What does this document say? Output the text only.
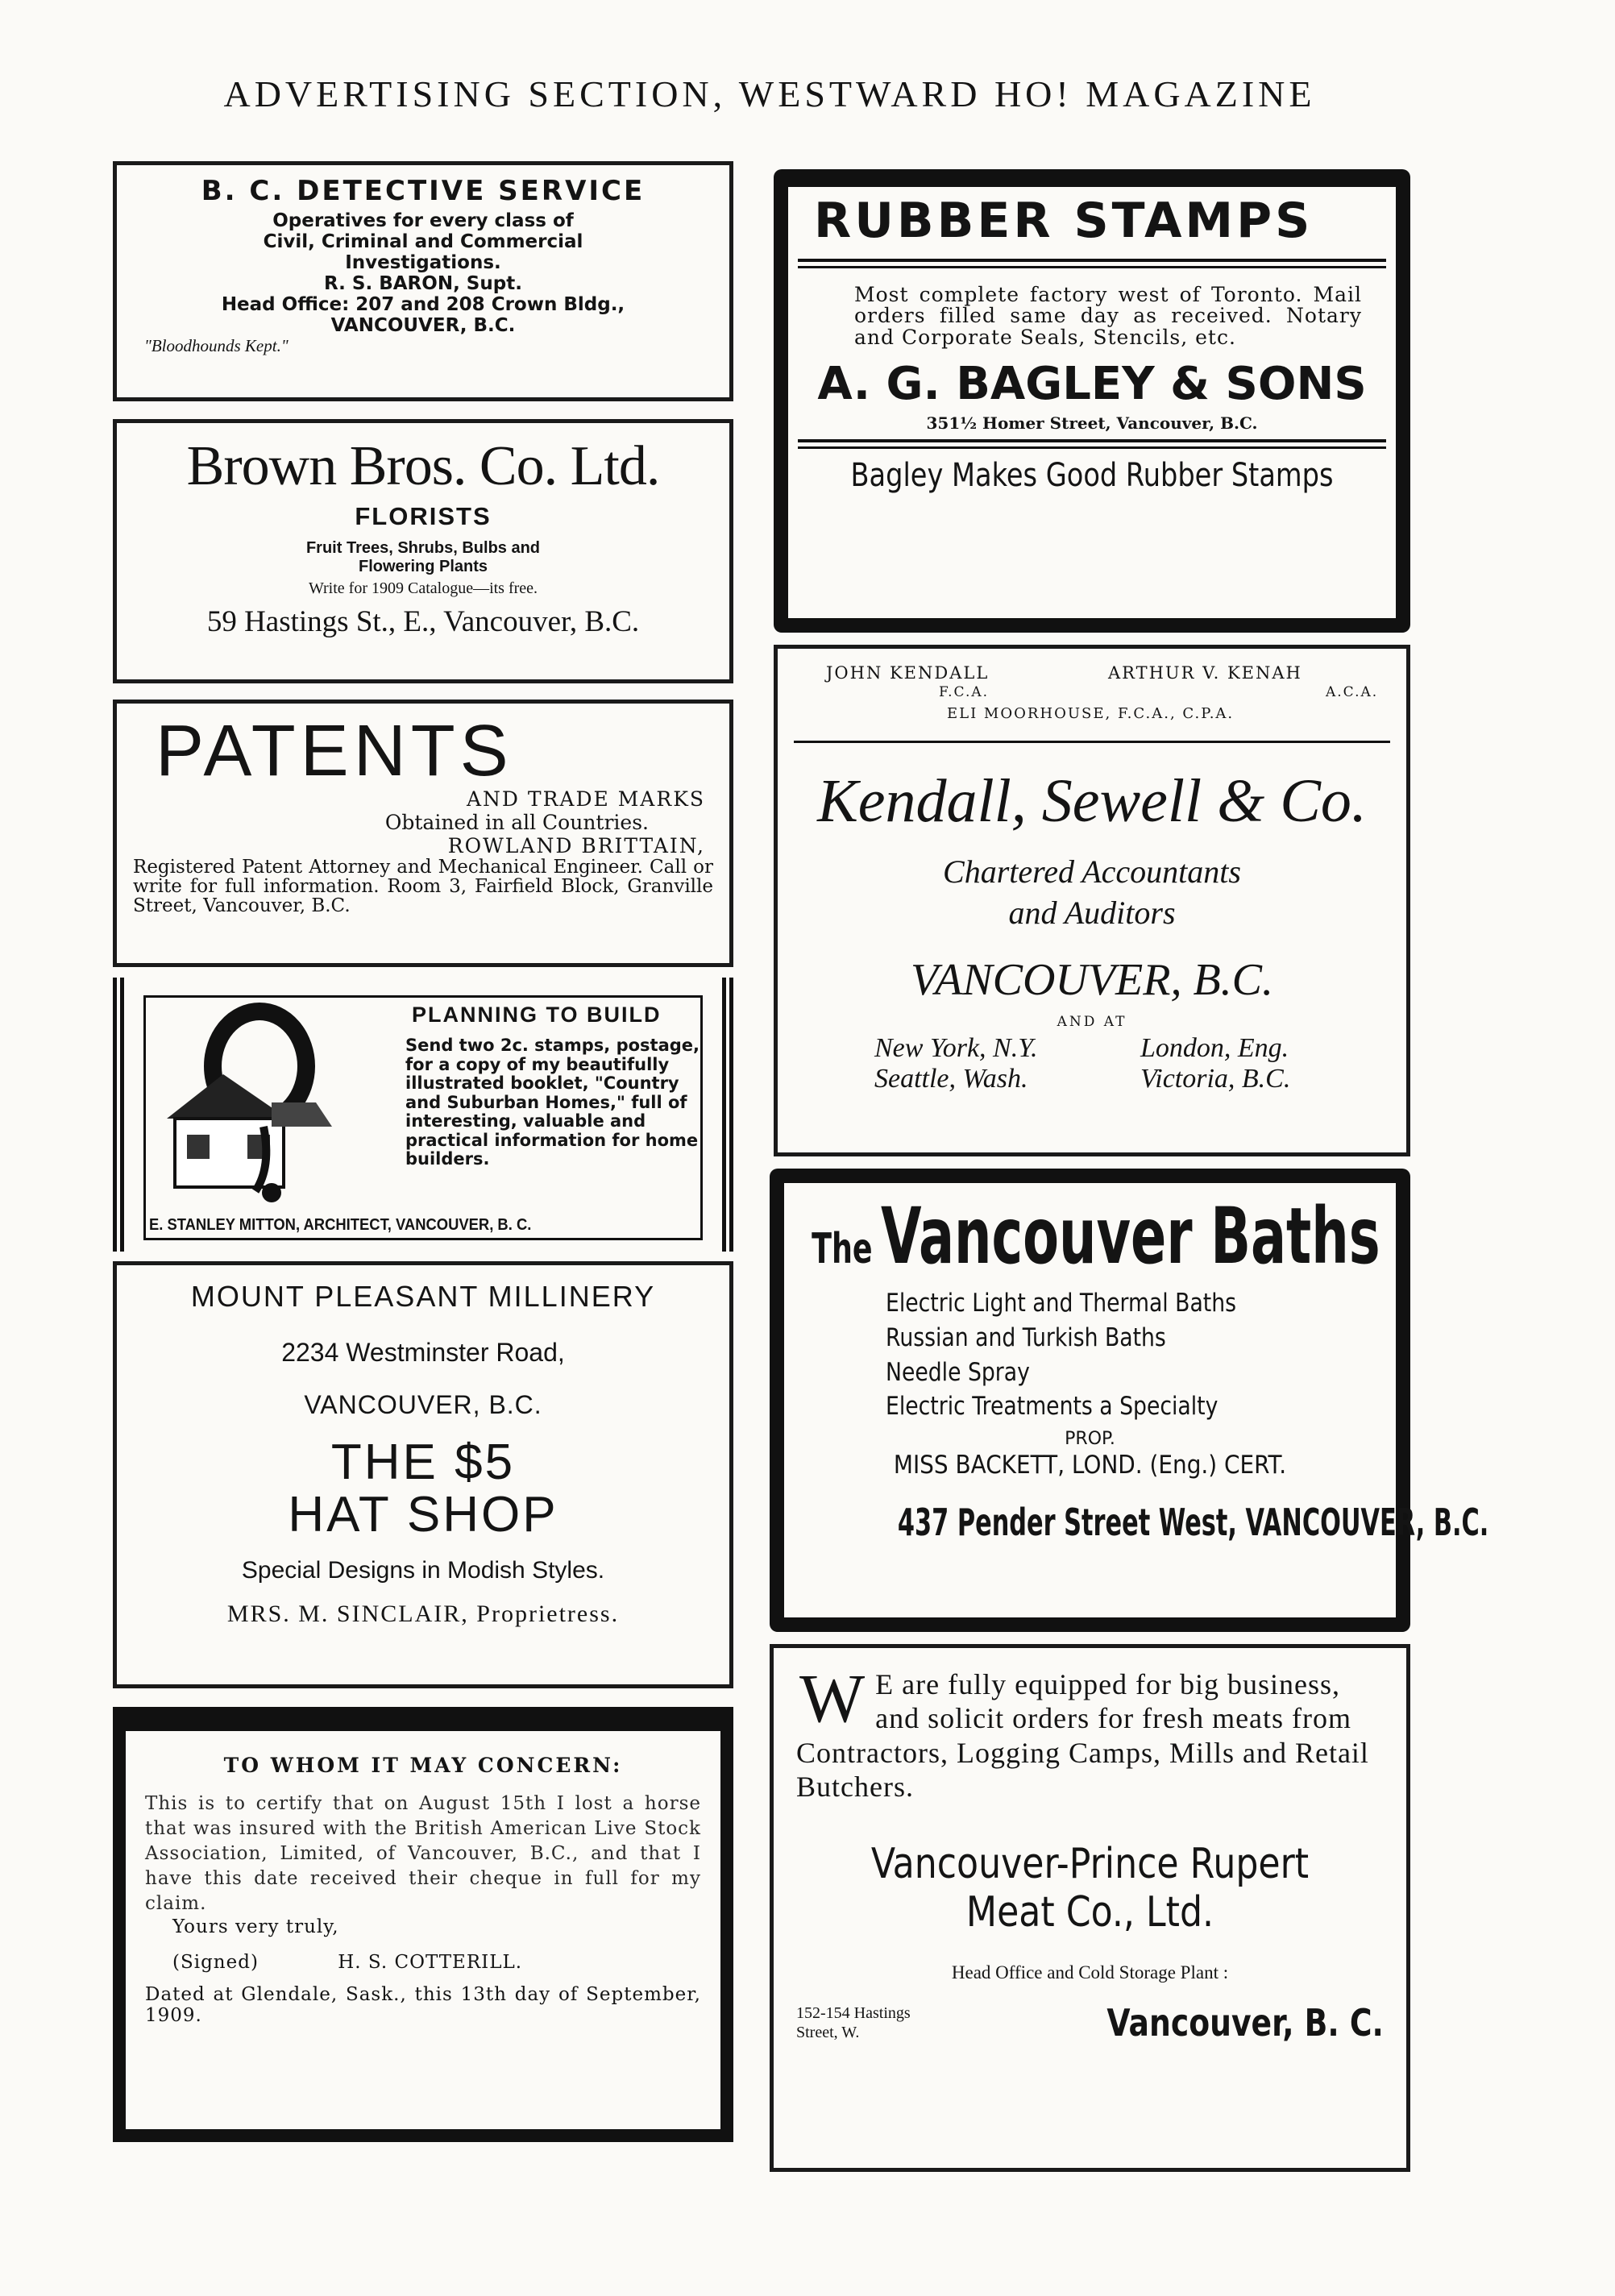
ADVERTISING SECTION, WESTWARD HO! MAGAZINE
B. C. DETECTIVE SERVICE
Operatives for every class of
Civil, Criminal and Commercial
Investigations.
R. S. BARON, Supt.
Head Office: 207 and 208 Crown Bldg.,
VANCOUVER, B.C.
"Bloodhounds Kept."
Brown Bros. Co. Ltd.
FLORISTS
Fruit Trees, Shrubs, Bulbs and
Flowering Plants
Write for 1909 Catalogue—its free.
59 Hastings St., E., Vancouver, B.C.
PATENTS
AND TRADE MARKS
Obtained in all Countries.
ROWLAND BRITTAIN,
Registered Patent Attorney and Mechanical Engineer. Call or write for full information. Room 3, Fairfield Block, Granville Street, Vancouver, B.C.
PLANNING TO BUILD
Send two 2c. stamps, postage, for a copy of my beautifully illustrated booklet, "Country and Suburban Homes," full of interesting, valuable and practical information for home builders.
E. STANLEY MITTON, ARCHITECT, VANCOUVER, B. C.
MOUNT PLEASANT MILLINERY
2234 Westminster Road,
VANCOUVER, B.C.
THE $5
HAT SHOP
Special Designs in Modish Styles.
MRS. M. SINCLAIR, Proprietress.
TO WHOM IT MAY CONCERN:
This is to certify that on August 15th I lost a horse that was insured with the British American Live Stock Association, Limited, of Vancouver, B.C., and that I have this date received their cheque in full for my claim.
Yours very truly,
(Signed)	H. S. COTTERILL.
Dated at Glendale, Sask., this 13th day of September, 1909.
RUBBER STAMPS
Most complete factory west of Toronto. Mail orders filled same day as received. Notary and Corporate Seals, Stencils, etc.
A. G. BAGLEY & SONS
351½ Homer Street, Vancouver, B.C.
Bagley Makes Good Rubber Stamps
JOHN KENDALL
F.C.A.
ARTHUR V. KENAH
A.C.A.
ELI MOORHOUSE, F.C.A., C.P.A.
Kendall, Sewell & Co.
Chartered Accountants
and Auditors
VANCOUVER, B.C.
AND AT
New York, N.Y.	London, Eng.
Seattle, Wash.	Victoria, B.C.
The Vancouver Baths
Electric Light and Thermal Baths
Russian and Turkish Baths
Needle Spray
Electric Treatments a Specialty
PROP.
MISS BACKETT, LOND. (Eng.) CERT.
437 Pender Street West, VANCOUVER, B.C.
W E are fully equipped for big business, and solicit orders for fresh meats from Contractors, Logging Camps, Mills and Retail Butchers.
Vancouver-Prince Rupert
Meat Co., Ltd.
Head Office and Cold Storage Plant :
152-154 Hastings
Street, W.	Vancouver, B. C.
